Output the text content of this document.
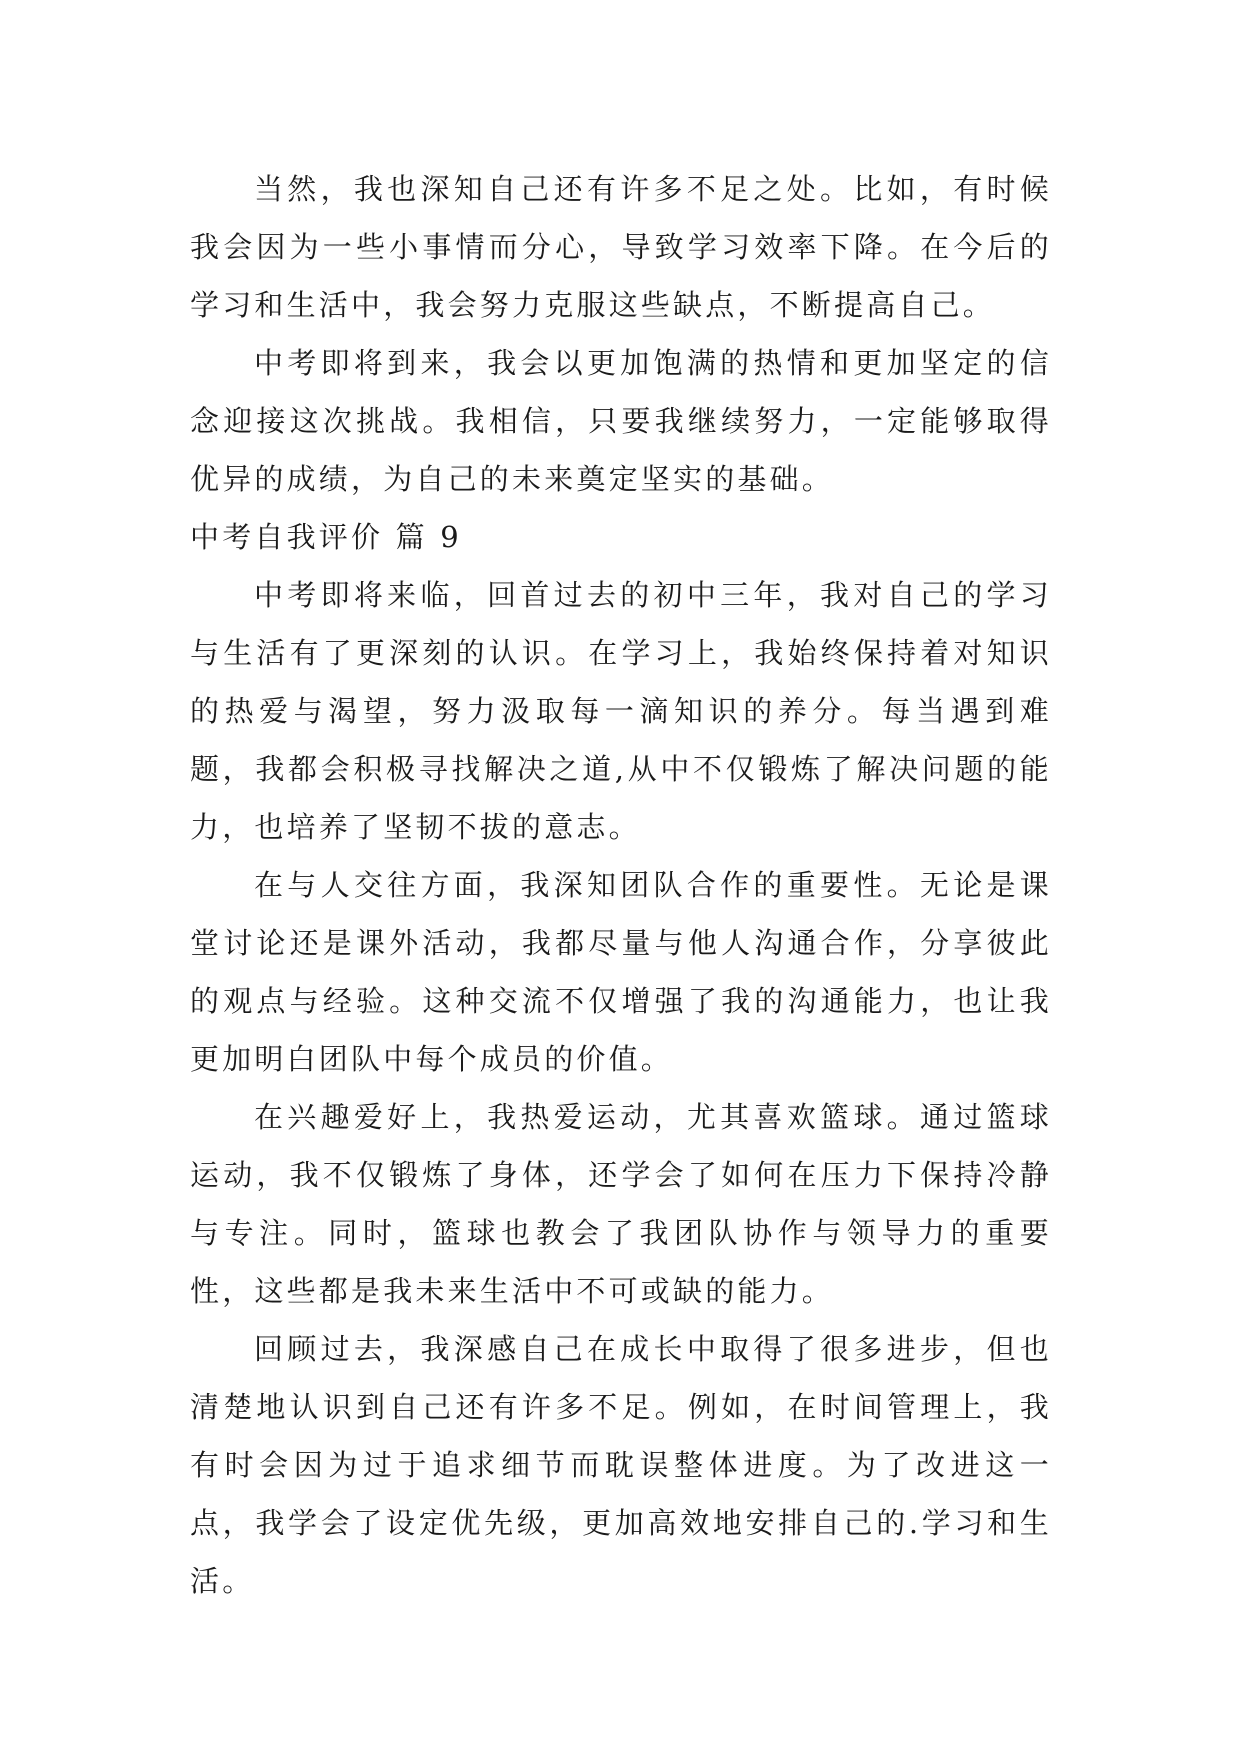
当然，我也深知自己还有许多不足之处。比如，有时候我会因为一些小事情而分心，导致学习效率下降。在今后的学习和生活中，我会努力克服这些缺点，不断提高自己。

中考即将到来，我会以更加饱满的热情和更加坚定的信念迎接这次挑战。我相信，只要我继续努力，一定能够取得优异的成绩，为自己的未来奠定坚实的基础。

中考自我评价 篇 9

中考即将来临，回首过去的初中三年，我对自己的学习与生活有了更深刻的认识。在学习上，我始终保持着对知识的热爱与渴望，努力汲取每一滴知识的养分。每当遇到难题，我都会积极寻找解决之道,从中不仅锻炼了解决问题的能力，也培养了坚韧不拔的意志。

在与人交往方面，我深知团队合作的重要性。无论是课堂讨论还是课外活动，我都尽量与他人沟通合作，分享彼此的观点与经验。这种交流不仅增强了我的沟通能力，也让我更加明白团队中每个成员的价值。

在兴趣爱好上，我热爱运动，尤其喜欢篮球。通过篮球运动，我不仅锻炼了身体，还学会了如何在压力下保持冷静与专注。同时，篮球也教会了我团队协作与领导力的重要性，这些都是我未来生活中不可或缺的能力。

回顾过去，我深感自己在成长中取得了很多进步，但也清楚地认识到自己还有许多不足。例如，在时间管理上，我有时会因为过于追求细节而耽误整体进度。为了改进这一点，我学会了设定优先级，更加高效地安排自己的.学习和生活。
